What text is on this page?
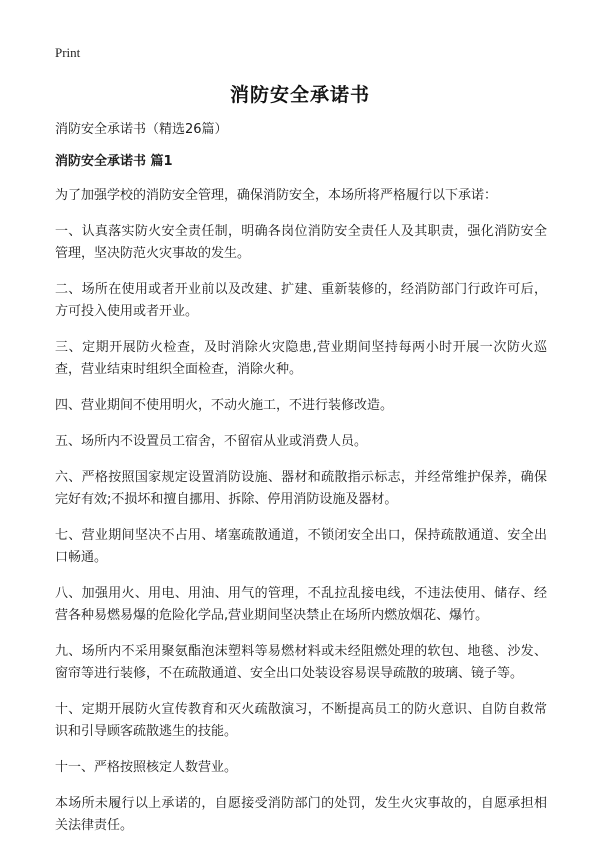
Print
消防安全承诺书
消防安全承诺书（精选26篇）
消防安全承诺书 篇1

为了加强学校的消防安全管理，确保消防安全，本场所将严格履行以下承诺：

一、认真落实防火安全责任制，明确各岗位消防安全责任人及其职责，强化消防安全管理，坚决防范火灾事故的发生。

二、场所在使用或者开业前以及改建、扩建、重新装修的，经消防部门行政许可后，方可投入使用或者开业。

三、定期开展防火检查，及时消除火灾隐患,营业期间坚持每两小时开展一次防火巡查，营业结束时组织全面检查，消除火种。

四、营业期间不使用明火，不动火施工，不进行装修改造。

五、场所内不设置员工宿舍，不留宿从业或消费人员。

六、严格按照国家规定设置消防设施、器材和疏散指示标志，并经常维护保养，确保完好有效;不损坏和擅自挪用、拆除、停用消防设施及器材。

七、营业期间坚决不占用、堵塞疏散通道，不锁闭安全出口，保持疏散通道、安全出口畅通。

八、加强用火、用电、用油、用气的管理，不乱拉乱接电线，不违法使用、储存、经营各种易燃易爆的危险化学品,营业期间坚决禁止在场所内燃放烟花、爆竹。

九、场所内不采用聚氨酯泡沫塑料等易燃材料或未经阻燃处理的软包、地毯、沙发、窗帘等进行装修，不在疏散通道、安全出口处装设容易误导疏散的玻璃、镜子等。

十、定期开展防火宣传教育和灭火疏散演习，不断提高员工的防火意识、自防自救常识和引导顾客疏散逃生的技能。

十一、严格按照核定人数营业。

本场所未履行以上承诺的，自愿接受消防部门的处罚，发生火灾事故的，自愿承担相关法律责任。
